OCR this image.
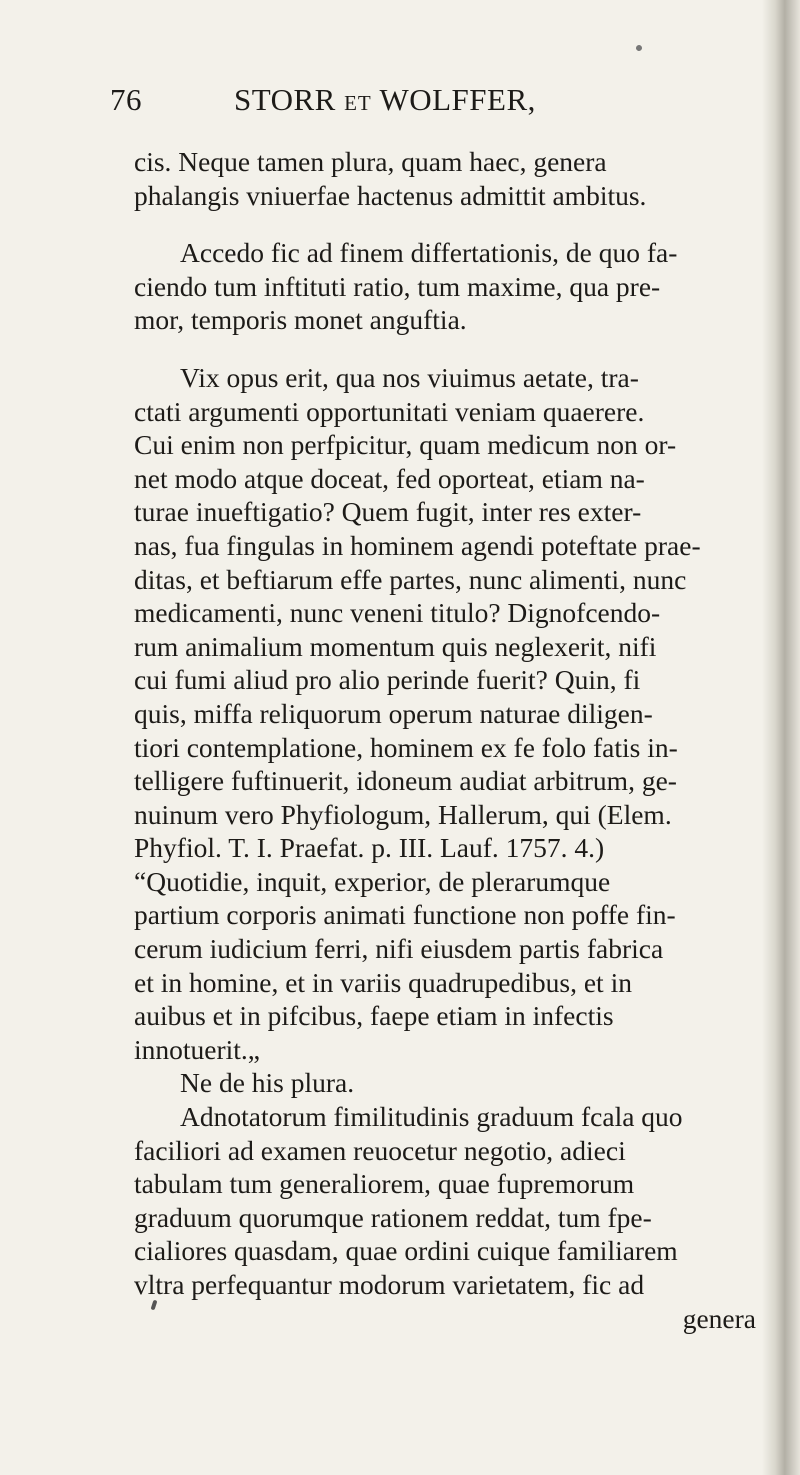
76	STORR ET WOLFFER,
cis. Neque tamen plura, quam haec, genera
phalangis vniuerfae hactenus admittit ambitus.
Accedo fic ad finem differtationis, de quo fa-
ciendo tum inftituti ratio, tum maxime, qua pre-
mor, temporis monet anguftia.
Vix opus erit, qua nos viuimus aetate, tra-
ctati argumenti opportunitati veniam quaerere.
Cui enim non perfpicitur, quam medicum non or-
net modo atque doceat, fed oporteat, etiam na-
turae inueftigatio? Quem fugit, inter res exter-
nas, fua fingulas in hominem agendi poteftate prae-
ditas, et beftiarum effe partes, nunc alimenti, nunc
medicamenti, nunc veneni titulo? Dignofcendo-
rum animalium momentum quis neglexerit, nifi
cui fumi aliud pro alio perinde fuerit? Quin, fi
quis, miffa reliquorum operum naturae diligen-
tiori contemplatione, hominem ex fe folo fatis in-
telligere fuftinuerit, idoneum audiat arbitrum, ge-
nuinum vero Phyfiologum, Hallerum, qui (Elem.
Phyfiol. T. I. Praefat. p. III. Lauf. 1757. 4.)
“Quotidie, inquit, experior, de plerarumque
partium corporis animati functione non poffe fin-
cerum iudicium ferri, nifi eiusdem partis fabrica
et in homine, et in variis quadrupedibus, et in
auibus et in pifcibus, faepe etiam in infectis
innotuerit.„
Ne de his plura.
Adnotatorum fimilitudinis graduum fcala quo
faciliori ad examen reuocetur negotio, adieci
tabulam tum generaliorem, quae fupremorum
graduum quorumque rationem reddat, tum fpe-
cialiores quasdam, quae ordini cuique familiarem
vltra perfequantur modorum varietatem, fic ad
genera
